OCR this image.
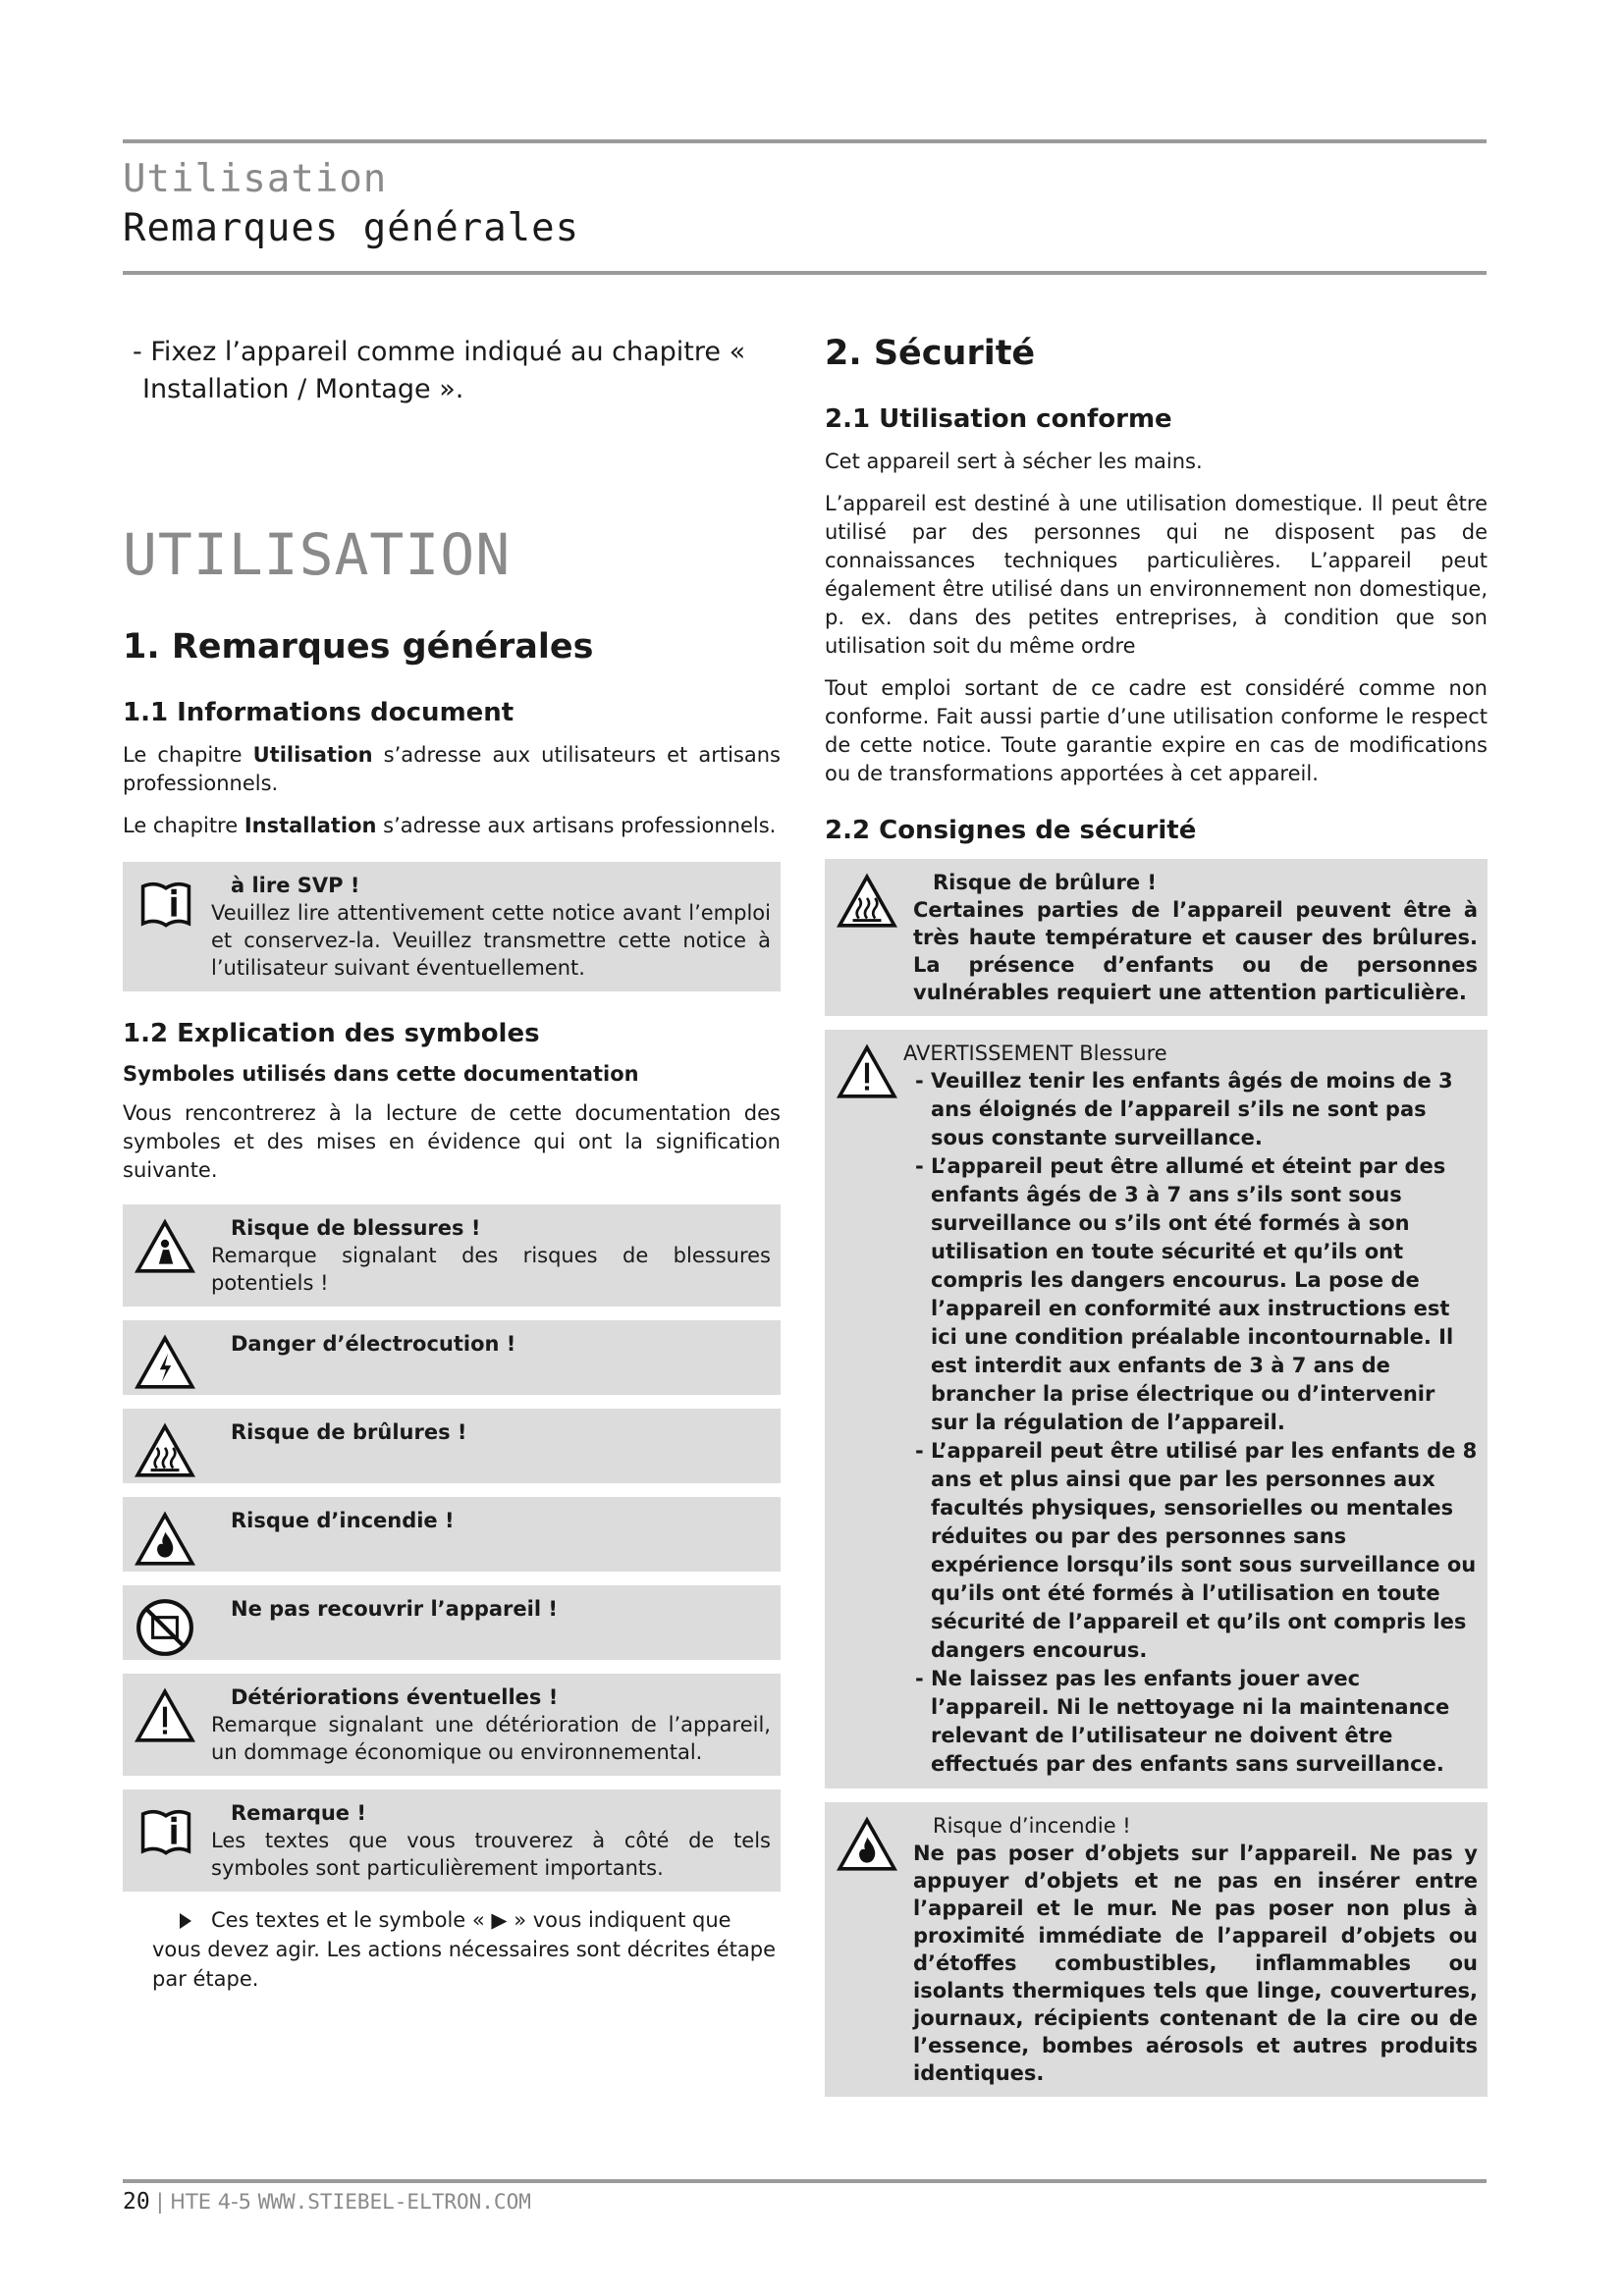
Utilisation
Remarques générales
- Fixez l’appareil comme indiqué au chapitre « Installation / Montage ».
UTILISATION
1. Remarques générales
1.1 Informations document

Le chapitre Utilisation s’adresse aux utilisateurs et artisans professionnels.

Le chapitre Installation s’adresse aux artisans professionnels.

à lire SVP !
Veuillez lire attentivement cette notice avant l’emploi et conservez-la. Veuillez transmettre cette notice à l’utilisateur suivant éventuellement.
1.2 Explication des symboles
Symboles utilisés dans cette documentation

Vous rencontrerez à la lecture de cette documentation des symboles et des mises en évidence qui ont la signification suivante.

Risque de blessures !
Remarque signalant des risques de blessures potentiels !
Danger d’électrocution !
Risque de brûlures !
Risque d’incendie !
Ne pas recouvrir l’appareil !
Détériorations éventuelles !
Remarque signalant une détérioration de l’appareil, un dommage économique ou environnemental.
Remarque !
Les textes que vous trouverez à côté de tels symboles sont particulièrement importants.
Ces textes et le symbole « ▶ » vous indiquent que vous devez agir. Les actions nécessaires sont décrites étape par étape.
2. Sécurité
2.1 Utilisation conforme

Cet appareil sert à sécher les mains.

L’appareil est destiné à une utilisation domestique. Il peut être utilisé par des personnes qui ne disposent pas de connaissances techniques particulières. L’appareil peut également être utilisé dans un environnement non domestique, p. ex. dans des petites entreprises, à condition que son utilisation soit du même ordre

Tout emploi sortant de ce cadre est considéré comme non conforme. Fait aussi partie d’une utilisation conforme le respect de cette notice. Toute garantie expire en cas de modifications ou de transformations apportées à cet appareil.

2.2 Consignes de sécurité
Risque de brûlure !
Certaines parties de l’appareil peuvent être à très haute température et causer des brûlures. La présence d’enfants ou de personnes vulnérables requiert une attention particulière.
AVERTISSEMENT Blessure
- Veuillez tenir les enfants âgés de moins de 3 ans éloignés de l’appareil s’ils ne sont pas sous constante surveillance.
- L’appareil peut être allumé et éteint par des enfants âgés de 3 à 7 ans s’ils sont sous surveillance ou s’ils ont été formés à son utilisation en toute sécurité et qu’ils ont compris les dangers encourus. La pose de l’appareil en conformité aux instructions est ici une condition préalable incontournable. Il est interdit aux enfants de 3 à 7 ans de brancher la prise électrique ou d’intervenir sur la régulation de l’appareil.
- L’appareil peut être utilisé par les enfants de 8 ans et plus ainsi que par les personnes aux facultés physiques, sensorielles ou mentales réduites ou par des personnes sans expérience lorsqu’ils sont sous surveillance ou qu’ils ont été formés à l’utilisation en toute sécurité de l’appareil et qu’ils ont compris les dangers encourus.
- Ne laissez pas les enfants jouer avec l’appareil. Ni le nettoyage ni la maintenance relevant de l’utilisateur ne doivent être effectués par des enfants sans surveillance.
Risque d’incendie !
Ne pas poser d’objets sur l’appareil. Ne pas y appuyer d’objets et ne pas en insérer entre l’appareil et le mur. Ne pas poser non plus à proximité immédiate de l’appareil d’objets ou d’étoffes combustibles, inflammables ou isolants thermiques tels que linge, couvertures, journaux, récipients contenant de la cire ou de l’essence, bombes aérosols et autres produits identiques.
20 | HTE 4-5 WWW.STIEBEL-ELTRON.COM
